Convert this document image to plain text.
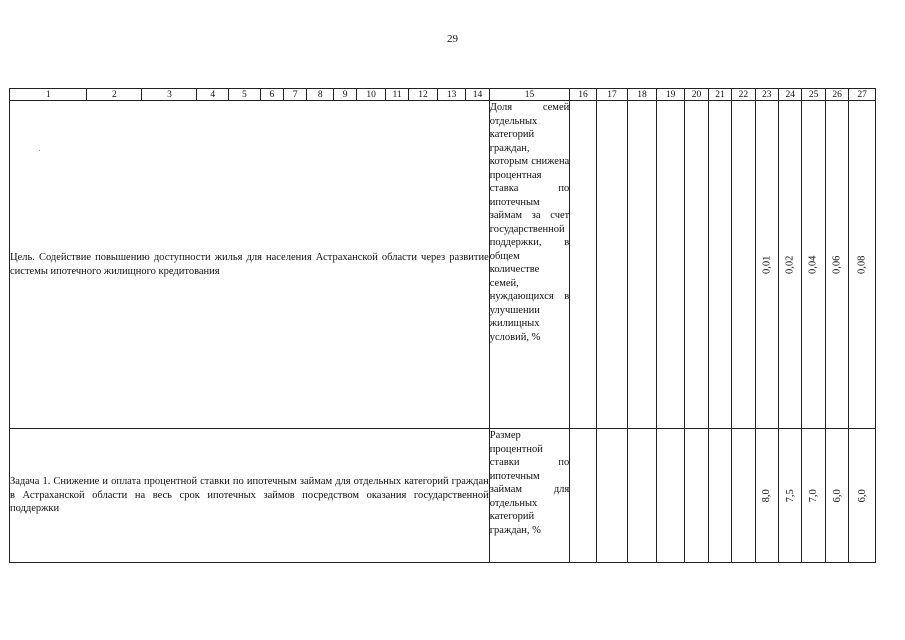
29
1	2	3	4	5	6	7	8	9	10	11	12	13	14	15	16	17	18	19	20	21	22	23	24	25	26	27
Цель. Содействие повышению доступности жилья для населения Астраханской области через развитие системы ипотечного жилищного кредитования														Доля семей отдельных категорий граждан, которым снижена процентная ставка по ипотечным займам за счет государственной поддержки, в общем количестве семей, нуждающихся в улучшении жилищных условий, %								0,01	0,02	0,04	0,06	0,08
Задача 1. Снижение и оплата процентной ставки по ипотечным займам для отдельных категорий граждан в Астраханской области на весь срок ипотечных займов посредством оказания государственной поддержки														Размер процентной ставки по ипотечным займам для отдельных категорий граждан, %								8,0	7,5	7,0	6,0	6,0
